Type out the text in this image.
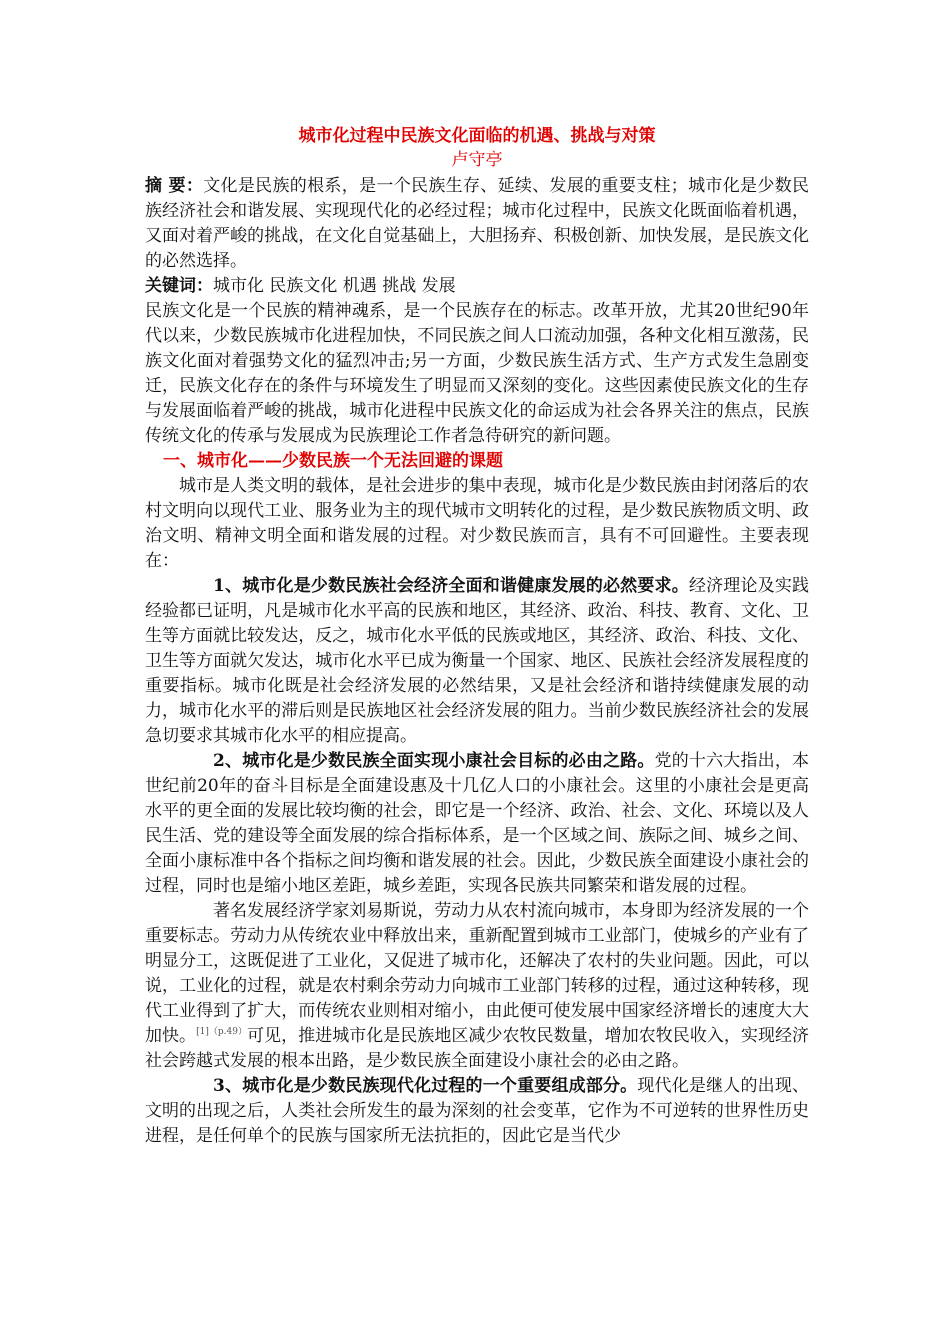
城市化过程中民族文化面临的机遇、挑战与对策

卢守亭

摘 要：文化是民族的根系，是一个民族生存、延续、发展的重要支柱；城市化是少数民族经济社会和谐发展、实现现代化的必经过程；城市化过程中，民族文化既面临着机遇，又面对着严峻的挑战，在文化自觉基础上，大胆扬弃、积极创新、加快发展，是民族文化的必然选择。

关键词：城市化 民族文化 机遇 挑战 发展

民族文化是一个民族的精神魂系，是一个民族存在的标志。改革开放，尤其20世纪90年代以来，少数民族城市化进程加快，不同民族之间人口流动加强，各种文化相互激荡，民族文化面对着强势文化的猛烈冲击;另一方面，少数民族生活方式、生产方式发生急剧变迁，民族文化存在的条件与环境发生了明显而又深刻的变化。这些因素使民族文化的生存与发展面临着严峻的挑战，城市化进程中民族文化的命运成为社会各界关注的焦点，民族传统文化的传承与发展成为民族理论工作者急待研究的新问题。

一、城市化——少数民族一个无法回避的课题

城市是人类文明的载体，是社会进步的集中表现，城市化是少数民族由封闭落后的农村文明向以现代工业、服务业为主的现代城市文明转化的过程，是少数民族物质文明、政治文明、精神文明全面和谐发展的过程。对少数民族而言，具有不可回避性。主要表现在：

1、城市化是少数民族社会经济全面和谐健康发展的必然要求。经济理论及实践经验都已证明，凡是城市化水平高的民族和地区，其经济、政治、科技、教育、文化、卫生等方面就比较发达，反之，城市化水平低的民族或地区，其经济、政治、科技、文化、卫生等方面就欠发达，城市化水平已成为衡量一个国家、地区、民族社会经济发展程度的重要指标。城市化既是社会经济发展的必然结果，又是社会经济和谐持续健康发展的动力，城市化水平的滞后则是民族地区社会经济发展的阻力。当前少数民族经济社会的发展急切要求其城市化水平的相应提高。

2、城市化是少数民族全面实现小康社会目标的必由之路。党的十六大指出，本世纪前20年的奋斗目标是全面建设惠及十几亿人口的小康社会。这里的小康社会是更高水平的更全面的发展比较均衡的社会，即它是一个经济、政治、社会、文化、环境以及人民生活、党的建设等全面发展的综合指标体系，是一个区域之间、族际之间、城乡之间、全面小康标准中各个指标之间均衡和谐发展的社会。因此，少数民族全面建设小康社会的过程，同时也是缩小地区差距，城乡差距，实现各民族共同繁荣和谐发展的过程。

著名发展经济学家刘易斯说，劳动力从农村流向城市，本身即为经济发展的一个重要标志。劳动力从传统农业中释放出来，重新配置到城市工业部门，使城乡的产业有了明显分工，这既促进了工业化，又促进了城市化，还解决了农村的失业问题。因此，可以说，工业化的过程，就是农村剩余劳动力向城市工业部门转移的过程，通过这种转移，现代工业得到了扩大，而传统农业则相对缩小，由此便可使发展中国家经济增长的速度大大加快。$^{[1](p.49)}$可见，推进城市化是民族地区减少农牧民数量，增加农牧民收入，实现经济社会跨越式发展的根本出路，是少数民族全面建设小康社会的必由之路。

3、城市化是少数民族现代化过程的一个重要组成部分。现代化是继人的出现、文明的出现之后，人类社会所发生的最为深刻的社会变革，它作为不可逆转的世界性历史进程，是任何单个的民族与国家所无法抗拒的，因此它是当代少
